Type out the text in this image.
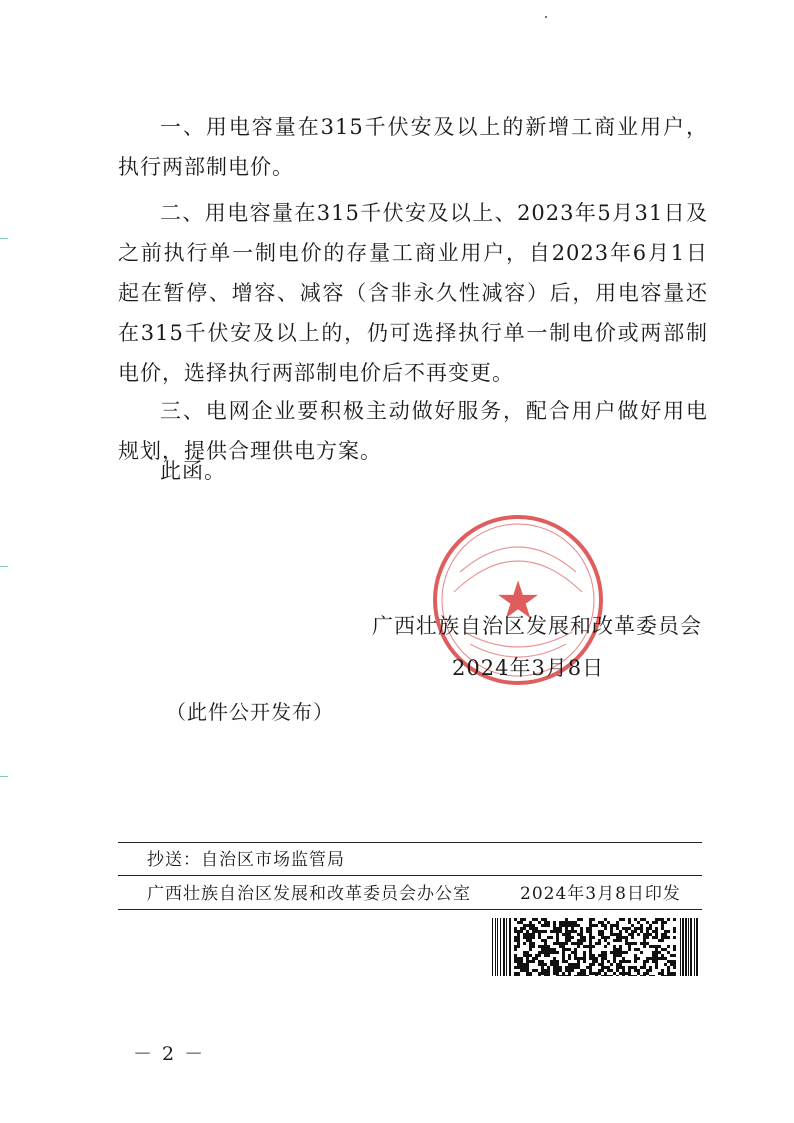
一、用电容量在315千伏安及以上的新增工商业用户，执行两部制电价。

二、用电容量在315千伏安及以上、2023年5月31日及之前执行单一制电价的存量工商业用户，自2023年6月1日起在暂停、增容、减容（含非永久性减容）后，用电容量还在315千伏安及以上的，仍可选择执行单一制电价或两部制电价，选择执行两部制电价后不再变更。

三、电网企业要积极主动做好服务，配合用户做好用电规划，提供合理供电方案。

此函。
★
广西壮族自治区发展和改革委员会
2024年3月8日
（此件公开发布）
抄送：自治区市场监管局
广西壮族自治区发展和改革委员会办公室	2024年3月8日印发
－ 2 －
